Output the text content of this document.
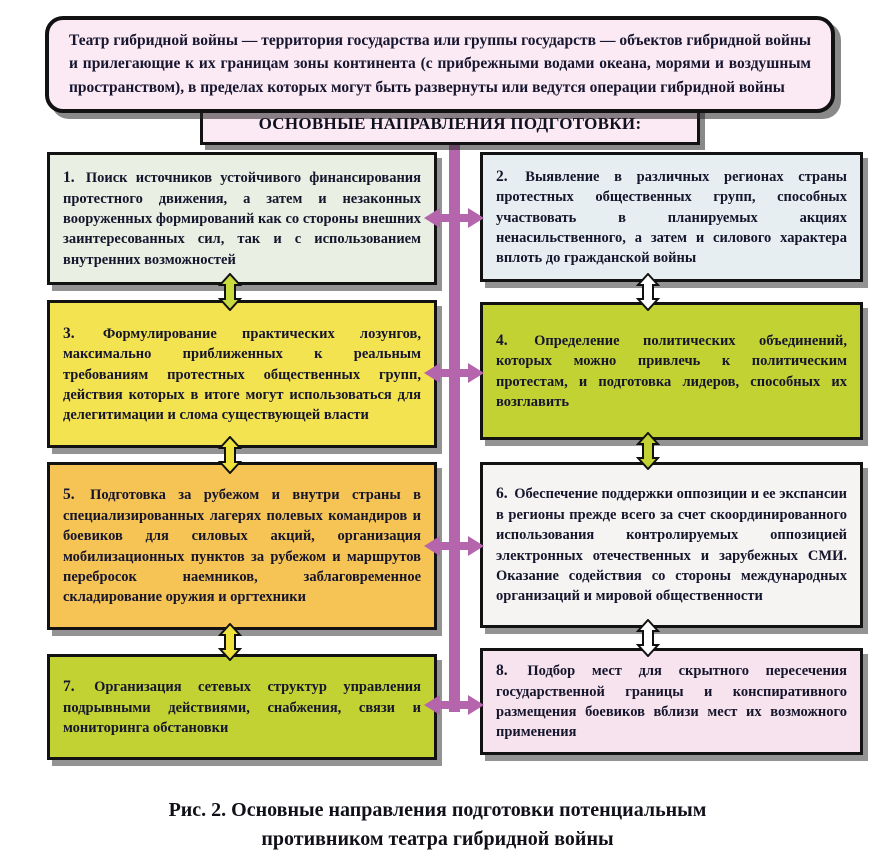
Театр гибридной войны — территория государства или группы государств — объектов гибридной войны и прилегающие к их границам зоны континента (с прибрежными водами океана, морями и воздушным пространством), в пределах которых могут быть развернуты или ведутся операции гибридной войны

ОСНОВНЫЕ НАПРАВЛЕНИЯ ПОДГОТОВКИ:

1. Поиск источников устойчивого финансирования протестного движения, а затем и незаконных вооруженных формирований как со стороны внешних заинтересованных сил, так и с использованием внутренних возможностей

2. Выявление в различных регионах страны протестных общественных групп, способных участвовать в планируемых акциях ненасильственного, а затем и силового характера вплоть до гражданской войны

3. Формулирование практических лозунгов, максимально приближенных к реальным требованиям протестных общественных групп, действия которых в итоге могут использоваться для делегитимации и слома существующей власти

4. Определение политических объединений, которых можно привлечь к политическим протестам, и подготовка лидеров, способных их возглавить

5. Подготовка за рубежом и внутри страны в специализированных лагерях полевых командиров и боевиков для силовых акций, организация мобилизационных пунктов за рубежом и маршрутов перебросок наемников, заблаговременное складирование оружия и оргтехники

6. Обеспечение поддержки оппозиции и ее экспансии в регионы прежде всего за счет скоординированного использования контролируемых оппозицией электронных отечественных и зарубежных СМИ. Оказание содействия со стороны международных организаций и мировой общественности

7. Организация сетевых структур управления подрывными действиями, снабжения, связи и мониторинга обстановки

8. Подбор мест для скрытного пересечения государственной границы и конспиративного размещения боевиков вблизи мест их возможного применения

Рис. 2. Основные направления подготовки потенциальным противником театра гибридной войны
